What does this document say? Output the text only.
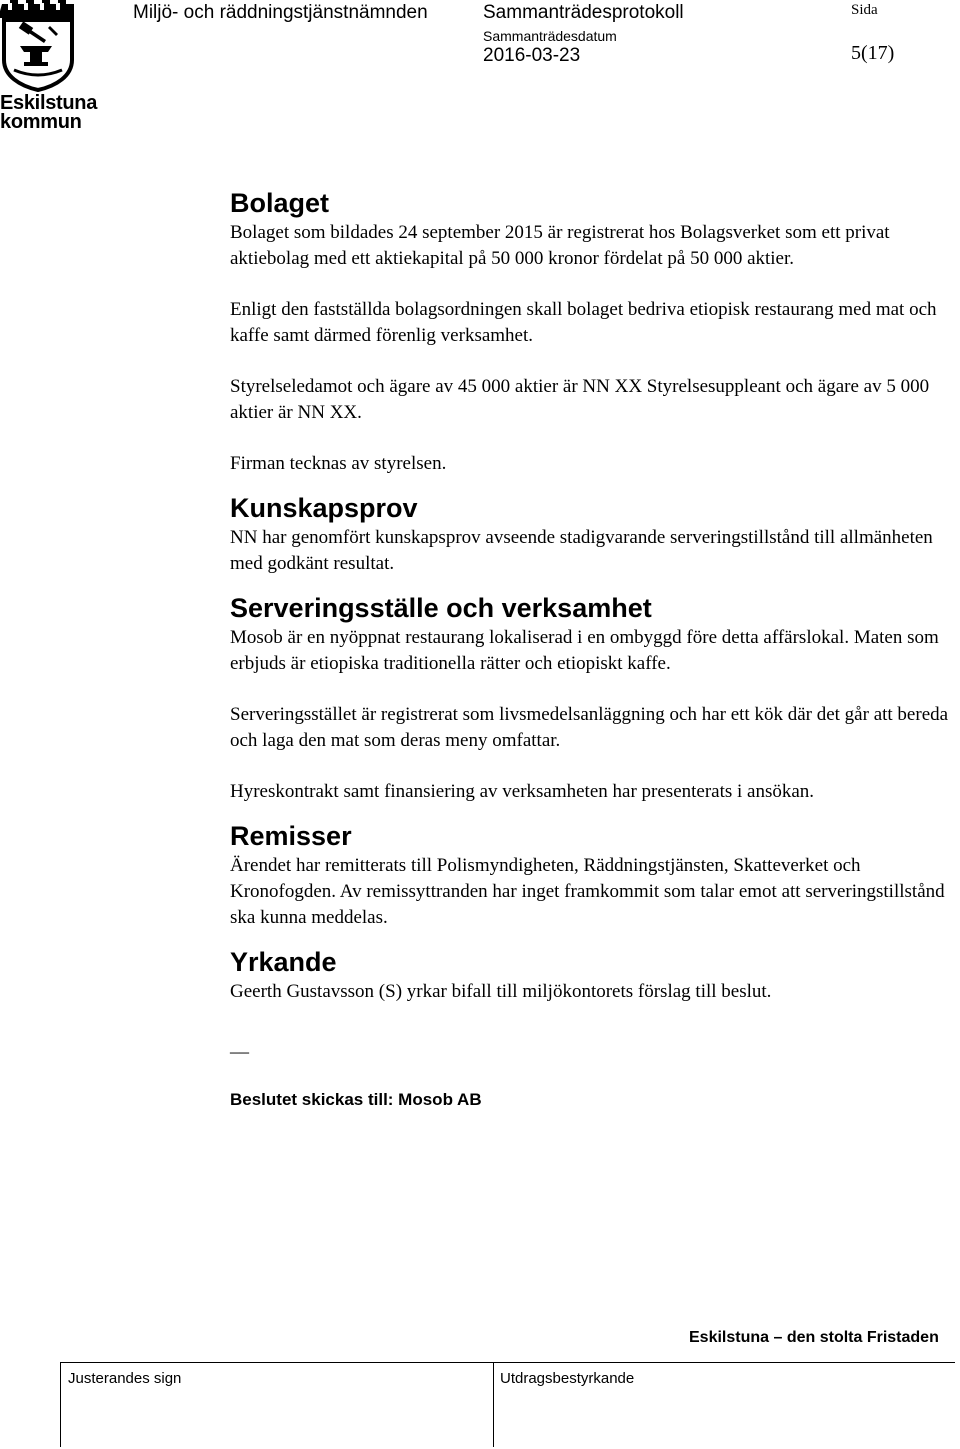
Eskilstuna
kommun
Miljö- och räddningstjänstnämnden	Sammanträdesprotokoll
Sammanträdesdatum
2016-03-23
Sida
5(17)
Bolaget

Bolaget som bildades 24 september 2015 är registrerat hos Bolagsverket som ett privat aktiebolag med ett aktiekapital på 50 000 kronor fördelat på 50 000 aktier.

Enligt den fastställda bolagsordningen skall bolaget bedriva etiopisk restaurang med mat och kaffe samt därmed förenlig verksamhet.

Styrelseledamot och ägare av 45 000 aktier är NN XX Styrelsesuppleant och ägare av 5 000 aktier är NN XX.

Firman tecknas av styrelsen.

Kunskapsprov

NN har genomfört kunskapsprov avseende stadigvarande serveringstillstånd till allmänheten med godkänt resultat.

Serveringsställe och verksamhet

Mosob är en nyöppnat restaurang lokaliserad i en ombyggd före detta affärslokal. Maten som erbjuds är etiopiska traditionella rätter och etiopiskt kaffe.

Serveringsstället är registrerat som livsmedelsanläggning och har ett kök där det går att bereda och laga den mat som deras meny omfattar.

Hyreskontrakt samt finansiering av verksamheten har presenterats i ansökan.

Remisser

Ärendet har remitterats till Polismyndigheten, Räddningstjänsten, Skatteverket och Kronofogden. Av remissyttranden har inget framkommit som talar emot att serveringstillstånd ska kunna meddelas.

Yrkande

Geerth Gustavsson (S) yrkar bifall till miljökontorets förslag till beslut.

__
Beslutet skickas till: Mosob AB
Eskilstuna – den stolta Fristaden
Justerandes sign	Utdragsbestyrkande
